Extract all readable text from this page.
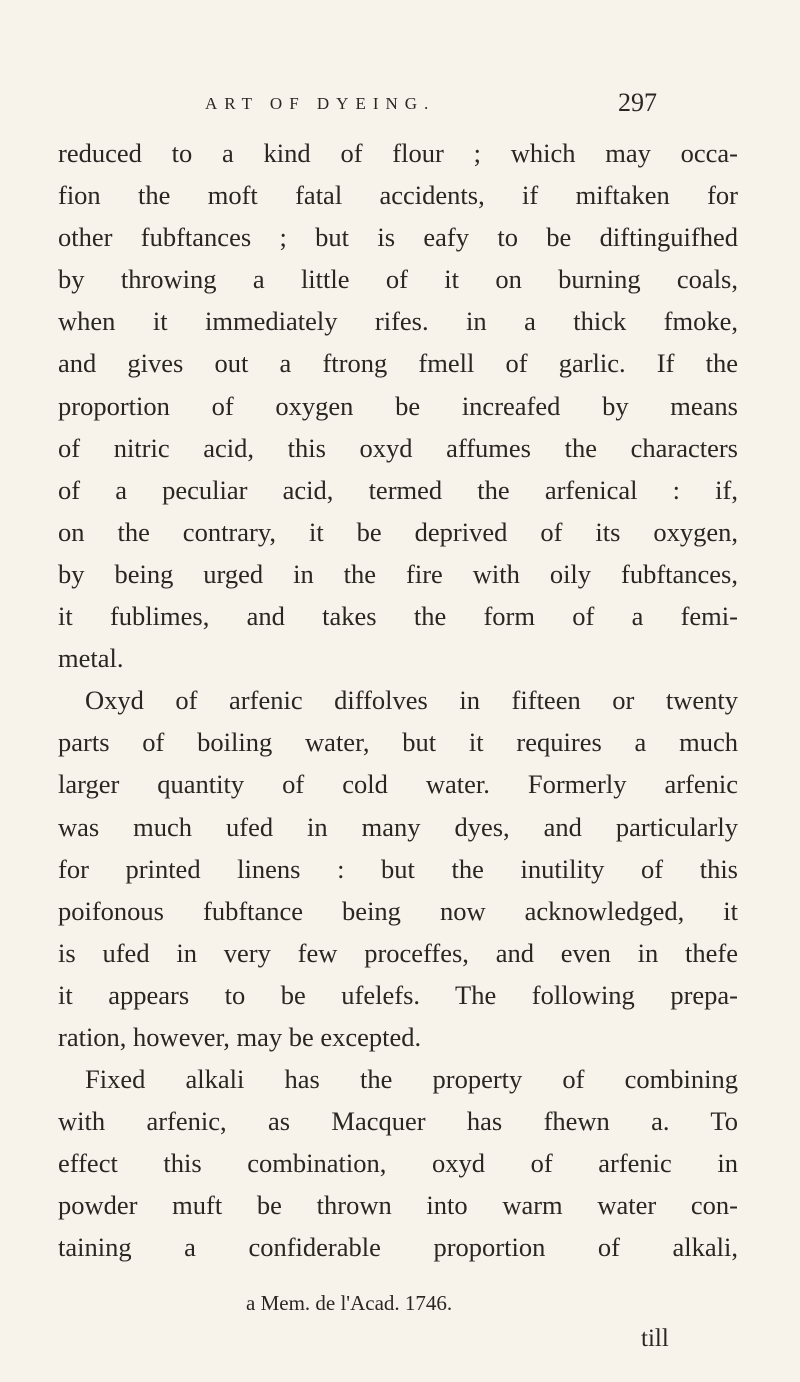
ART OF DYEING.	297
reduced to a kind of flour ; which may occa-
fion the moft fatal accidents, if miftaken for
other fubftances ; but is eafy to be diftinguifhed
by throwing a little of it on burning coals,
when it immediately rifes. in a thick fmoke,
and gives out a ftrong fmell of garlic. If the
proportion of oxygen be increafed by means
of nitric acid, this oxyd affumes the characters
of a peculiar acid, termed the arfenical : if,
on the contrary, it be deprived of its oxygen,
by being urged in the fire with oily fubftances,
it fublimes, and takes the form of a femi-
metal.
Oxyd of arfenic diffolves in fifteen or twenty
parts of boiling water, but it requires a much
larger quantity of cold water. Formerly arfenic
was much ufed in many dyes, and particularly
for printed linens : but the inutility of this
poifonous fubftance being now acknowledged, it
is ufed in very few proceffes, and even in thefe
it appears to be ufelefs. The following prepa-
ration, however, may be excepted.
Fixed alkali has the property of combining
with arfenic, as Macquer has fhewn a. To
effect this combination, oxyd of arfenic in
powder muft be thrown into warm water con-
taining a confiderable proportion of alkali,
a Mem. de l'Acad. 1746.
till
